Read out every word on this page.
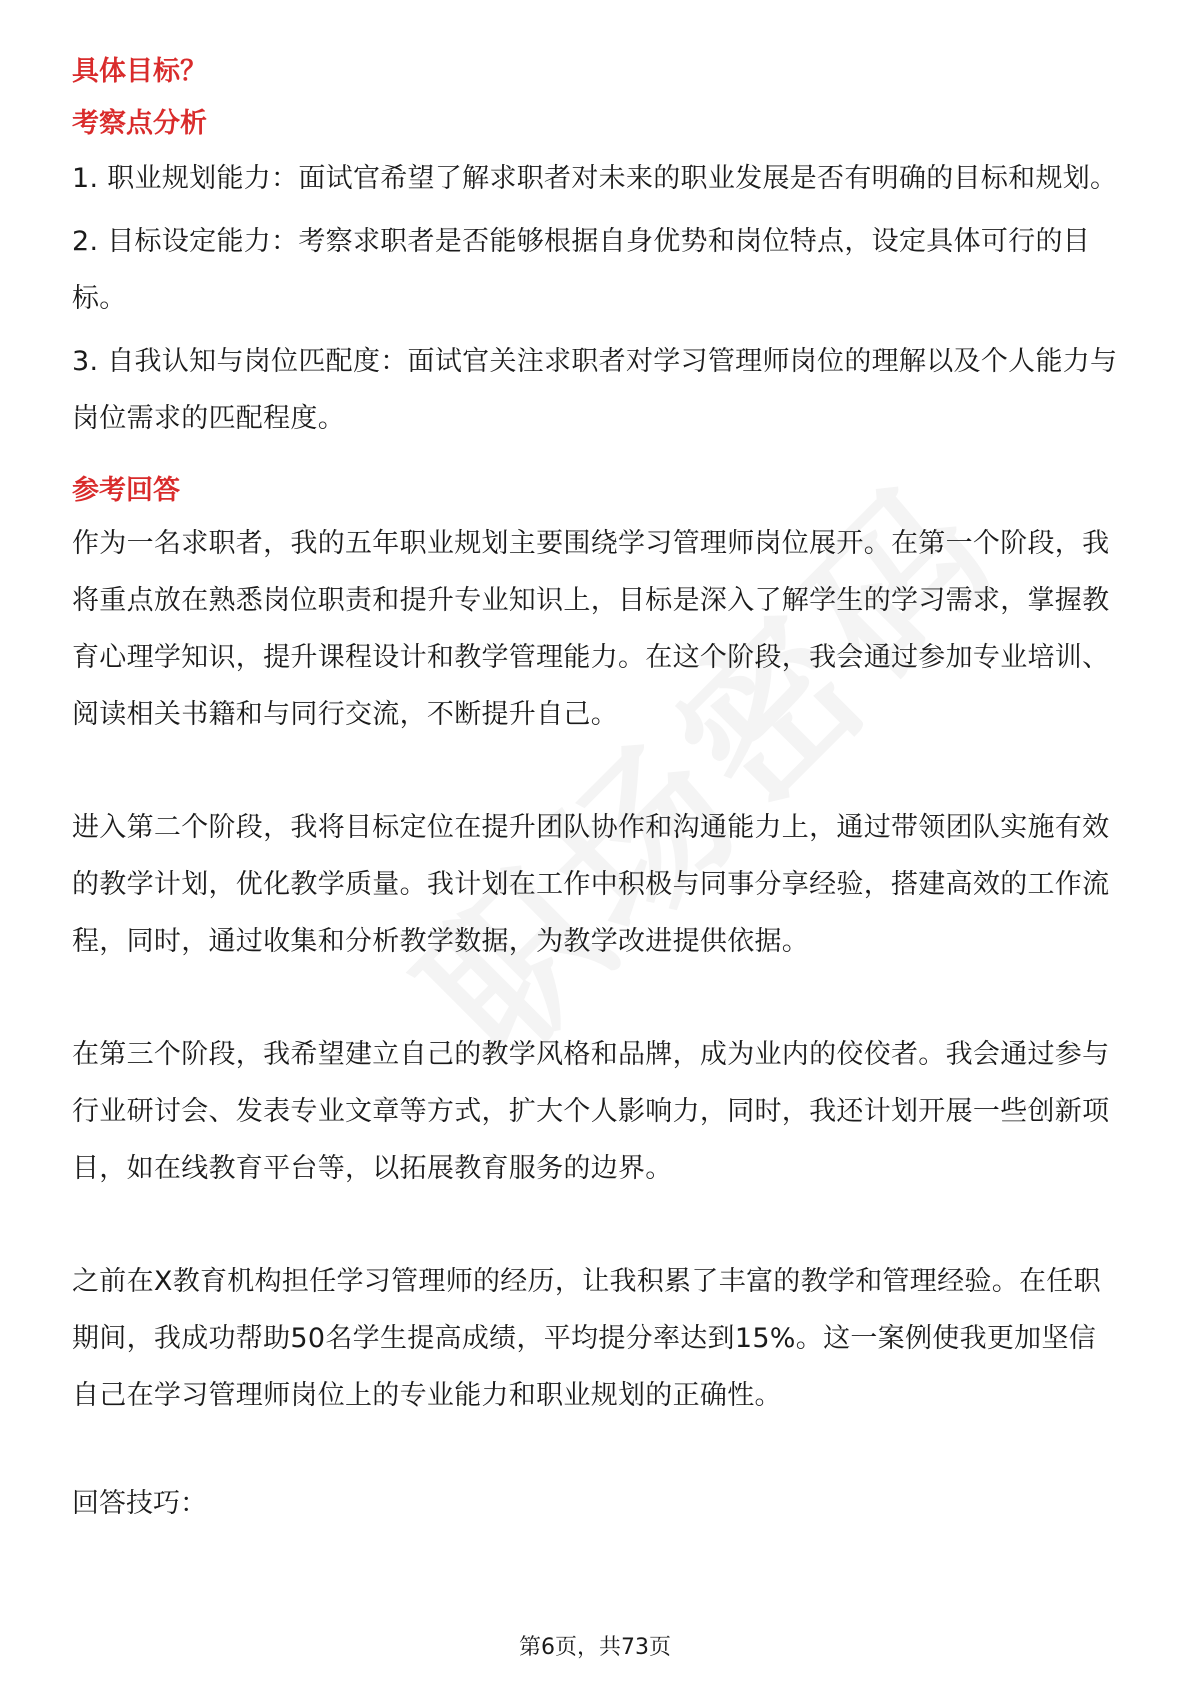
具体目标？

考察点分析

1. 职业规划能力：面试官希望了解求职者对未来的职业发展是否有明确的目标和规划。

2. 目标设定能力：考察求职者是否能够根据自身优势和岗位特点，设定具体可行的目标。

3. 自我认知与岗位匹配度：面试官关注求职者对学习管理师岗位的理解以及个人能力与岗位需求的匹配程度。

参考回答

作为一名求职者，我的五年职业规划主要围绕学习管理师岗位展开。在第一个阶段，我将重点放在熟悉岗位职责和提升专业知识上，目标是深入了解学生的学习需求，掌握教育心理学知识，提升课程设计和教学管理能力。在这个阶段，我会通过参加专业培训、阅读相关书籍和与同行交流，不断提升自己。

进入第二个阶段，我将目标定位在提升团队协作和沟通能力上，通过带领团队实施有效的教学计划，优化教学质量。我计划在工作中积极与同事分享经验，搭建高效的工作流程，同时，通过收集和分析教学数据，为教学改进提供依据。

在第三个阶段，我希望建立自己的教学风格和品牌，成为业内的佼佼者。我会通过参与行业研讨会、发表专业文章等方式，扩大个人影响力，同时，我还计划开展一些创新项目，如在线教育平台等，以拓展教育服务的边界。

之前在X教育机构担任学习管理师的经历，让我积累了丰富的教学和管理经验。在任职期间，我成功帮助50名学生提高成绩，平均提分率达到15%。这一案例使我更加坚信自己在学习管理师岗位上的专业能力和职业规划的正确性。

回答技巧：

第6页，共73页
